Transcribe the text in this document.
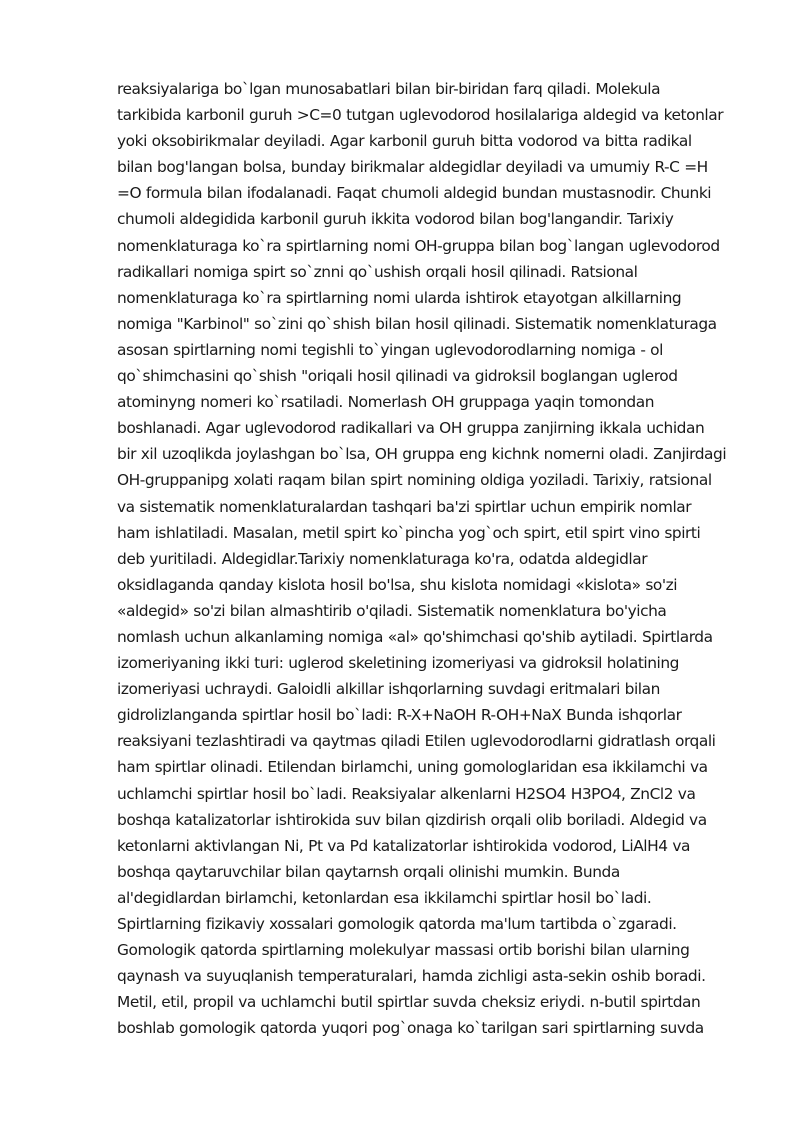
reaksiyalariga bo`lgan munosabatlari bilan bir-biridan farq qiladi. Molekula
tarkibida karbonil guruh >C=0 tutgan uglevodorod hosilalariga aldegid va ketonlar
yoki oksobirikmalar deyiladi. Agar karbonil guruh bitta vodorod va bitta radikal
bilan bog'langan bolsa, bunday birikmalar aldegidlar deyiladi va umumiy R-C =H
=O formula bilan ifodalanadi. Faqat chumoli aldegid bundan mustasnodir. Chunki
chumoli aldegidida karbonil guruh ikkita vodorod bilan bog'langandir. Tarixiy
nomenklaturaga ko`ra spirtlarning nomi OH-gruppa bilan bog`langan uglevodorod
radikallari nomiga spirt so`znni qo`ushish orqali hosil qilinadi. Ratsional
nomenklaturaga ko`ra spirtlarning nomi ularda ishtirok etayotgan alkillarning
nomiga "Karbinol" so`zini qo`shish bilan hosil qilinadi. Sistematik nomenklaturaga
asosan spirtlarning nomi tegishli to`yingan uglevodorodlarning nomiga - ol
qo`shimchasini qo`shish "oriqali hosil qilinadi va gidroksil boglangan uglerod
atominyng nomeri ko`rsatiladi. Nomerlash OH gruppaga yaqin tomondan
boshlanadi. Agar uglevodorod radikallari va OH gruppa zanjirning ikkala uchidan
bir xil uzoqlikda joylashgan bo`lsa, OH gruppa eng kichnk nomerni oladi. Zanjirdagi
OH-gruppanipg xolati raqam bilan spirt nomining oldiga yoziladi. Tarixiy, ratsional
va sistematik nomenklaturalardan tashqari ba'zi spirtlar uchun empirik nomlar
ham ishlatiladi. Masalan, metil spirt ko`pincha yog`och spirt, etil spirt vino spirti
deb yuritiladi. Aldegidlar.Tarixiy nomenklaturaga ko'ra, odatda aldegidlar
oksidlaganda qanday kislota hosil bo'lsa, shu kislota nomidagi «kislota» so'zi
«aldegid» so'zi bilan almashtirib o'qiladi. Sistematik nomenklatura bo'yicha
nomlash uchun alkanlaming nomiga «al» qo'shimchasi qo'shib aytiladi. Spirtlarda
izomeriyaning ikki turi: uglerod skeletining izomeriyasi va gidroksil holatining
izomeriyasi uchraydi. Galoidli alkillar ishqorlarning suvdagi eritmalari bilan
gidrolizlanganda spirtlar hosil bo`ladi: R-X+NaOH R-OH+NaX Bunda ishqorlar
reaksiyani tezlashtiradi va qaytmas qiladi Etilen uglevodorodlarni gidratlash orqali
ham spirtlar olinadi. Etilendan birlamchi, uning gomologlaridan esa ikkilamchi va
uchlamchi spirtlar hosil bo`ladi. Reaksiyalar alkenlarni H2SO4 H3PO4, ZnCl2 va
boshqa katalizatorlar ishtirokida suv bilan qizdirish orqali olib boriladi. Aldegid va
ketonlarni aktivlangan Ni, Pt va Pd katalizatorlar ishtirokida vodorod, LiAlH4 va
boshqa qaytaruvchilar bilan qaytarnsh orqali olinishi mumkin. Bunda
al'degidlardan birlamchi, ketonlardan esa ikkilamchi spirtlar hosil bo`ladi.
Spirtlarning fizikaviy xossalari gomologik qatorda ma'lum tartibda o`zgaradi.
Gomologik qatorda spirtlarning molekulyar massasi ortib borishi bilan ularning
qaynash va suyuqlanish temperaturalari, hamda zichligi asta-sekin oshib boradi.
Metil, etil, propil va uchlamchi butil spirtlar suvda cheksiz eriydi. n-butil spirtdan
boshlab gomologik qatorda yuqori pog`onaga ko`tarilgan sari spirtlarning suvda
